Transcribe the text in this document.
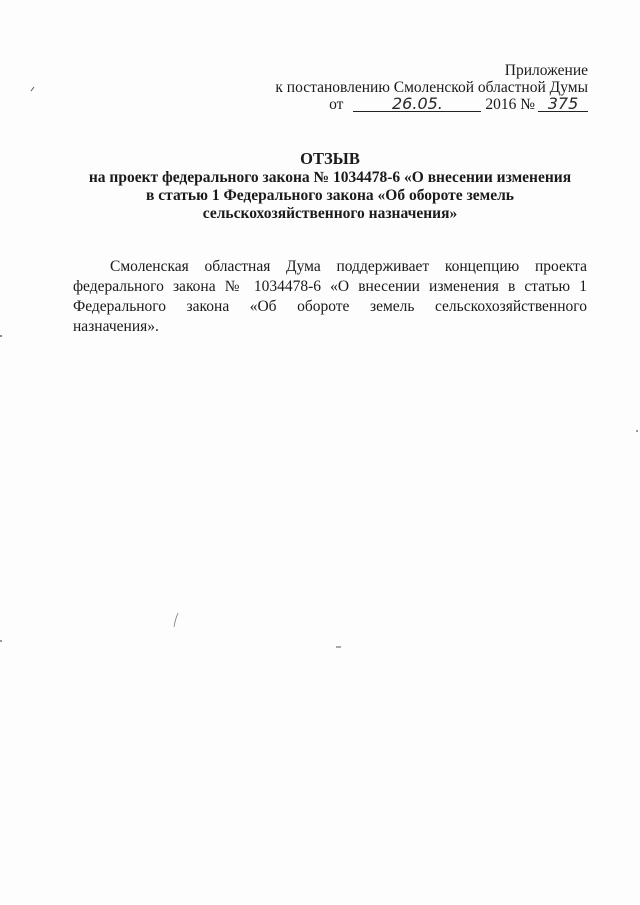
Приложение
к постановлению Смоленской областной Думы
от	26.05.	2016 № 375
ОТЗЫВ
на проект федерального закона № 1034478-6 «О внесении изменения
в статью 1 Федерального закона «Об обороте земель
сельскохозяйственного назначения»

Смоленская областная Дума поддерживает концепцию проекта федерального закона № 1034478-6 «О внесении изменения в статью 1 Федерального закона «Об обороте земель сельскохозяйственного назначения».
